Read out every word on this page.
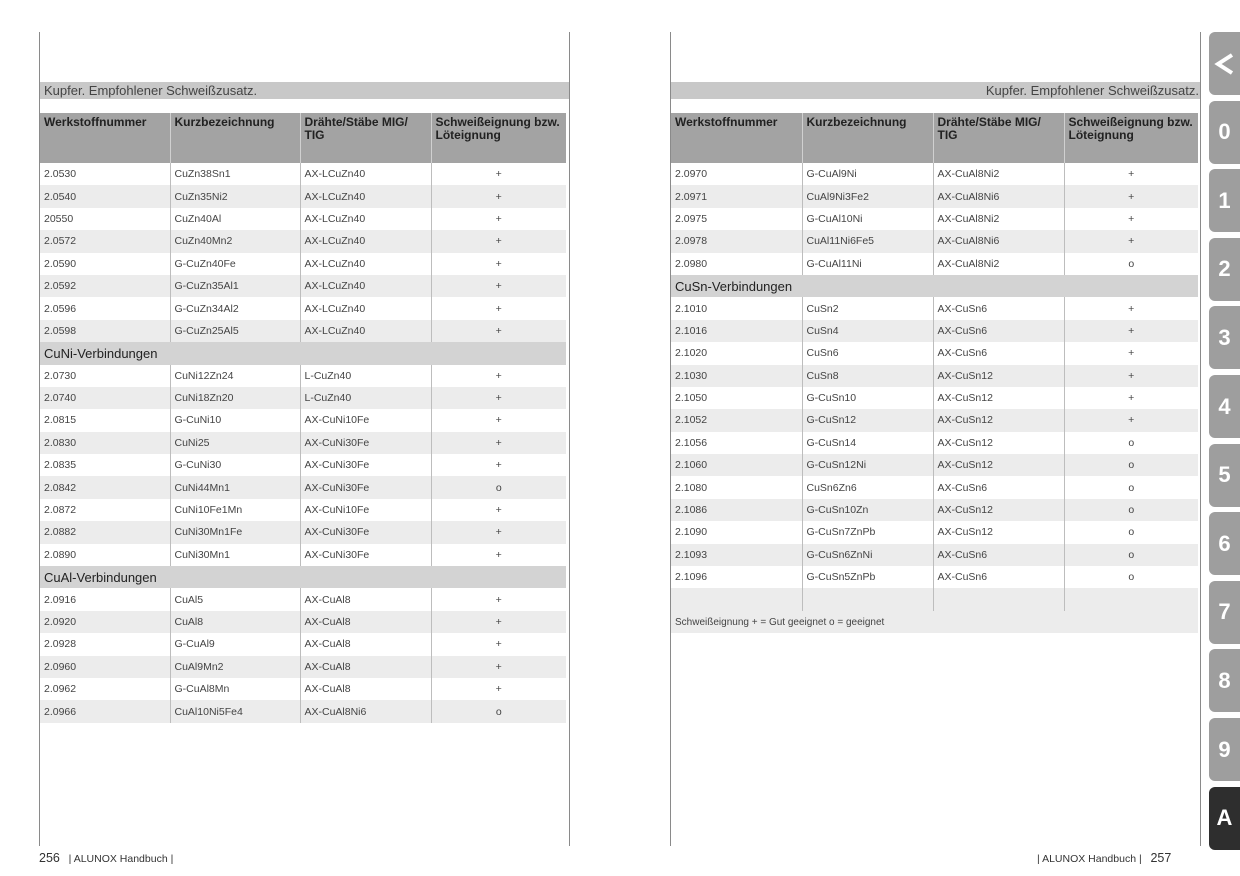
Kupfer. Empfohlener Schweißzusatz.
Werkstoffnummer	Kurzbezeichnung	Drähte/Stäbe MIG/ TIG	Schweißeignung bzw. Löteignung
2.0530	CuZn38Sn1	AX-LCuZn40	+
2.0540	CuZn35Ni2	AX-LCuZn40	+
20550	CuZn40Al	AX-LCuZn40	+
2.0572	CuZn40Mn2	AX-LCuZn40	+
2.0590	G-CuZn40Fe	AX-LCuZn40	+
2.0592	G-CuZn35Al1	AX-LCuZn40	+
2.0596	G-CuZn34Al2	AX-LCuZn40	+
2.0598	G-CuZn25Al5	AX-LCuZn40	+
CuNi-Verbindungen			
2.0730	CuNi12Zn24	L-CuZn40	+
2.0740	CuNi18Zn20	L-CuZn40	+
2.0815	G-CuNi10	AX-CuNi10Fe	+
2.0830	CuNi25	AX-CuNi30Fe	+
2.0835	G-CuNi30	AX-CuNi30Fe	+
2.0842	CuNi44Mn1	AX-CuNi30Fe	o
2.0872	CuNi10Fe1Mn	AX-CuNi10Fe	+
2.0882	CuNi30Mn1Fe	AX-CuNi30Fe	+
2.0890	CuNi30Mn1	AX-CuNi30Fe	+
CuAl-Verbindungen			
2.0916	CuAl5	AX-CuAl8	+
2.0920	CuAl8	AX-CuAl8	+
2.0928	G-CuAl9	AX-CuAl8	+
2.0960	CuAl9Mn2	AX-CuAl8	+
2.0962	G-CuAl8Mn	AX-CuAl8	+
2.0966	CuAl10Ni5Fe4	AX-CuAl8Ni6	o
256 | ALUNOX Handbuch |
Kupfer. Empfohlener Schweißzusatz.
Werkstoffnummer	Kurzbezeichnung	Drähte/Stäbe MIG/ TIG	Schweißeignung bzw. Löteignung
2.0970	G-CuAl9Ni	AX-CuAl8Ni2	+
2.0971	CuAl9Ni3Fe2	AX-CuAl8Ni6	+
2.0975	G-CuAl10Ni	AX-CuAl8Ni2	+
2.0978	CuAl11Ni6Fe5	AX-CuAl8Ni6	+
2.0980	G-CuAl11Ni	AX-CuAl8Ni2	o
CuSn-Verbindungen			
2.1010	CuSn2	AX-CuSn6	+
2.1016	CuSn4	AX-CuSn6	+
2.1020	CuSn6	AX-CuSn6	+
2.1030	CuSn8	AX-CuSn12	+
2.1050	G-CuSn10	AX-CuSn12	+
2.1052	G-CuSn12	AX-CuSn12	+
2.1056	G-CuSn14	AX-CuSn12	o
2.1060	G-CuSn12Ni	AX-CuSn12	o
2.1080	CuSn6Zn6	AX-CuSn6	o
2.1086	G-CuSn10Zn	AX-CuSn12	o
2.1090	G-CuSn7ZnPb	AX-CuSn12	o
2.1093	G-CuSn6ZnNi	AX-CuSn6	o
2.1096	G-CuSn5ZnPb	AX-CuSn6	o

Schweißeignung + = Gut geeignet o = geeignet			
| ALUNOX Handbuch | 257
0
1
2
3
4
5
6
7
8
9
A
